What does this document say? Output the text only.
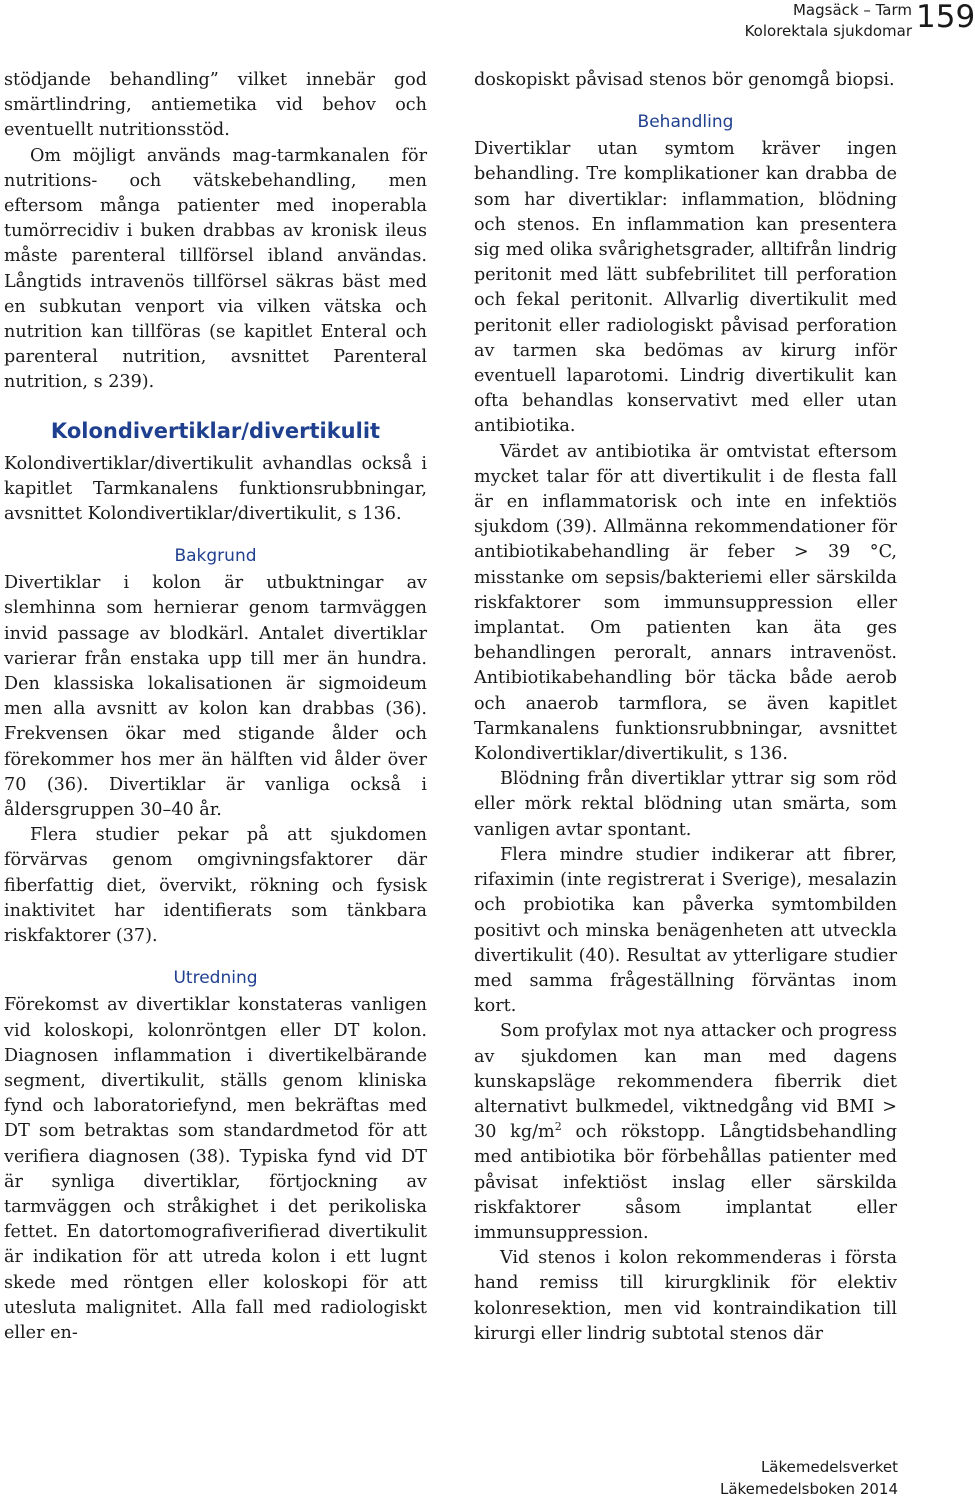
Magsäck – Tarm
Kolorektala sjukdomar 159

stödjande behandling” vilket innebär god smärtlindring, antiemetika vid behov och eventuellt nutritionsstöd.

Om möjligt används mag-tarmkanalen för nutritions- och vätskebehandling, men eftersom många patienter med inoperabla tumörrecidiv i buken drabbas av kronisk ileus måste parenteral tillförsel ibland användas. Långtids intravenös tillförsel säkras bäst med en subkutan venport via vilken vätska och nutrition kan tillföras (se kapitlet Enteral och parenteral nutrition, avsnittet Parenteral nutrition, s 239).

Kolondivertiklar/divertikulit

Kolondivertiklar/divertikulit avhandlas också i kapitlet Tarmkanalens funktionsrubbningar, avsnittet Kolondivertiklar/divertikulit, s 136.

Bakgrund

Divertiklar i kolon är utbuktningar av slemhinna som hernierar genom tarmväggen invid passage av blodkärl. Antalet divertiklar varierar från enstaka upp till mer än hundra. Den klassiska lokalisationen är sigmoideum men alla avsnitt av kolon kan drabbas (36). Frekvensen ökar med stigande ålder och förekommer hos mer än hälften vid ålder över 70 (36). Divertiklar är vanliga också i åldersgruppen 30–40 år.

Flera studier pekar på att sjukdomen förvärvas genom omgivningsfaktorer där fiberfattig diet, övervikt, rökning och fysisk inaktivitet har identifierats som tänkbara riskfaktorer (37).

Utredning

Förekomst av divertiklar konstateras vanligen vid koloskopi, kolonröntgen eller DT kolon. Diagnosen inflammation i divertikelbärande segment, divertikulit, ställs genom kliniska fynd och laboratoriefynd, men bekräftas med DT som betraktas som standardmetod för att verifiera diagnosen (38). Typiska fynd vid DT är synliga divertiklar, förtjockning av tarmväggen och stråkighet i det perikoliska fettet. En datortomografiverifierad divertikulit är indikation för att utreda kolon i ett lugnt skede med röntgen eller koloskopi för att utesluta malignitet. Alla fall med radiologiskt eller en-

doskopiskt påvisad stenos bör genomgå biopsi.

Behandling

Divertiklar utan symtom kräver ingen behandling. Tre komplikationer kan drabba de som har divertiklar: inflammation, blödning och stenos. En inflammation kan presentera sig med olika svårighetsgrader, alltifrån lindrig peritonit med lätt subfebrilitet till perforation och fekal peritonit. Allvarlig divertikulit med peritonit eller radiologiskt påvisad perforation av tarmen ska bedömas av kirurg inför eventuell laparotomi. Lindrig divertikulit kan ofta behandlas konservativt med eller utan antibiotika.

Värdet av antibiotika är omtvistat eftersom mycket talar för att divertikulit i de flesta fall är en inflammatorisk och inte en infektiös sjukdom (39). Allmänna rekommendationer för antibiotikabehandling är feber > 39 °C, misstanke om sepsis/bakteriemi eller särskilda riskfaktorer som immunsuppression eller implantat. Om patienten kan äta ges behandlingen peroralt, annars intravenöst. Antibiotikabehandling bör täcka både aerob och anaerob tarmflora, se även kapitlet Tarmkanalens funktionsrubbningar, avsnittet Kolondivertiklar/divertikulit, s 136.

Blödning från divertiklar yttrar sig som röd eller mörk rektal blödning utan smärta, som vanligen avtar spontant.

Flera mindre studier indikerar att fibrer, rifaximin (inte registrerat i Sverige), mesalazin och probiotika kan påverka symtombilden positivt och minska benägenheten att utveckla divertikulit (40). Resultat av ytterligare studier med samma frågeställning förväntas inom kort.

Som profylax mot nya attacker och progress av sjukdomen kan man med dagens kunskapsläge rekommendera fiberrik diet alternativt bulkmedel, viktnedgång vid BMI > 30 $kg/m^2$ och rökstopp. Långtidsbehandling med antibiotika bör förbehållas patienter med påvisat infektiöst inslag eller särskilda riskfaktorer såsom implantat eller immunsuppression.

Vid stenos i kolon rekommenderas i första hand remiss till kirurgklinik för elektiv kolonresektion, men vid kontraindikation till kirurgi eller lindrig subtotal stenos där

Läkemedelsverket
Läkemedelsboken 2014
